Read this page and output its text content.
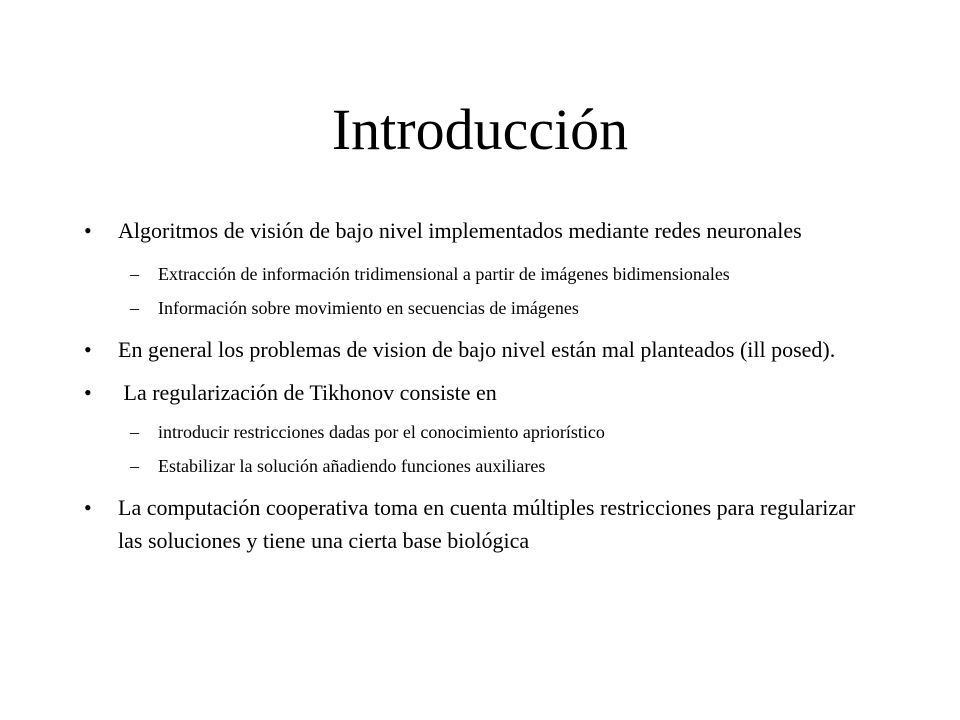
Introducción
• Algoritmos de visión de bajo nivel implementados mediante redes neuronales
– Extracción de información tridimensional a partir de imágenes bidimensionales
– Información sobre movimiento en secuencias de imágenes
• En general los problemas de vision de bajo nivel están mal planteados (ill posed).
• La regularización de Tikhonov consiste en
– introducir restricciones dadas por el conocimiento apriorístico
– Estabilizar la solución añadiendo funciones auxiliares
• La computación cooperativa toma en cuenta múltiples restricciones para regularizar las soluciones y tiene una cierta base biológica
